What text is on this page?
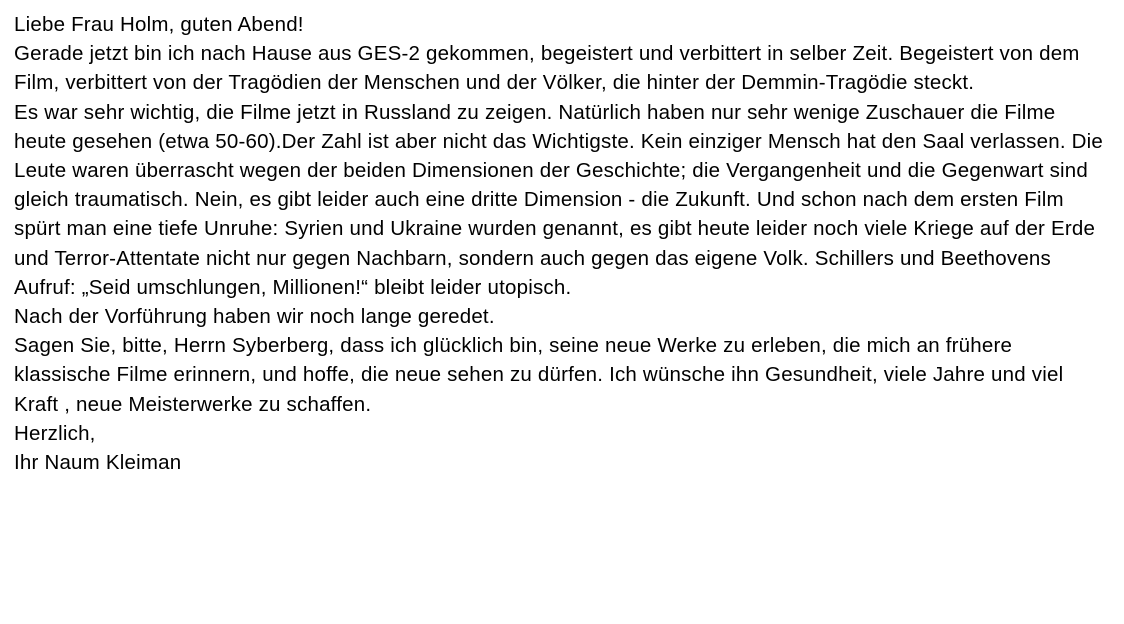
Liebe Frau Holm, guten Abend!

Gerade jetzt bin ich nach Hause aus GES-2 gekommen, begeistert und verbittert in selber Zeit. Begeistert von dem Film, verbittert von der Tragödien der Menschen und der Völker, die hinter der Demmin-Tragödie steckt.

Es war sehr wichtig, die Filme jetzt in Russland zu zeigen. Natürlich haben nur sehr wenige Zuschauer die Filme heute gesehen (etwa 50-60).Der Zahl ist aber nicht das Wichtigste. Kein einziger Mensch hat den Saal verlassen. Die Leute waren überrascht wegen der beiden Dimensionen der Geschichte; die Vergangenheit und die Gegenwart sind gleich traumatisch. Nein, es gibt leider auch eine dritte Dimension - die Zukunft. Und schon nach dem ersten Film spürt man eine tiefe Unruhe: Syrien und Ukraine wurden genannt, es gibt heute leider noch viele Kriege auf der Erde und Terror-Attentate nicht nur gegen Nachbarn, sondern auch gegen das eigene Volk. Schillers und Beethovens Aufruf: „Seid umschlungen, Millionen!“ bleibt leider utopisch.

Nach der Vorführung haben wir noch lange geredet.

Sagen Sie, bitte, Herrn Syberberg, dass ich glücklich bin, seine neue Werke zu erleben, die mich an frühere klassische Filme erinnern, und hoffe, die neue sehen zu dürfen. Ich wünsche ihn Gesundheit, viele Jahre und viel Kraft , neue Meisterwerke zu schaffen.

Herzlich,

Ihr Naum Kleiman
